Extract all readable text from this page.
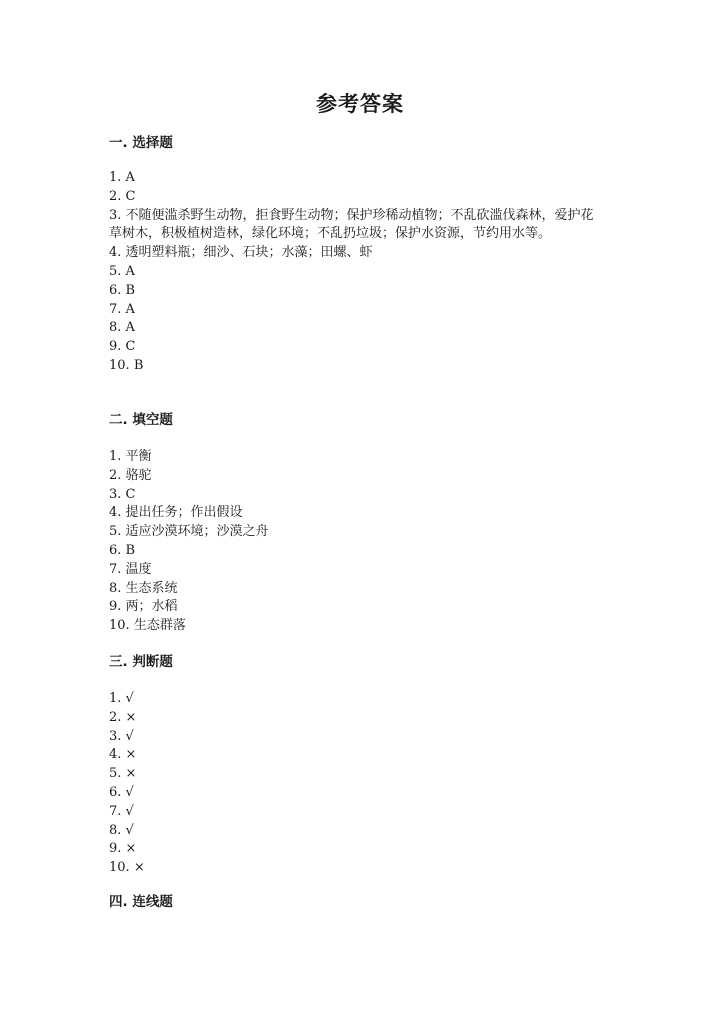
参考答案
一. 选择题
1. A
2. C
3. 不随便滥杀野生动物，拒食野生动物；保护珍稀动植物；不乱砍滥伐森林，爱护花草树木，积极植树造林，绿化环境；不乱扔垃圾；保护水资源，节约用水等。
4. 透明塑料瓶；细沙、石块；水藻；田螺、虾
5. A
6. B
7. A
8. A
9. C
10. B
二. 填空题
1. 平衡
2. 骆驼
3. C
4. 提出任务；作出假设
5. 适应沙漠环境；沙漠之舟
6. B
7. 温度
8. 生态系统
9. 两；水稻
10. 生态群落
三. 判断题
1. √
2. ×
3. √
4. ×
5. ×
6. √
7. √
8. √
9. ×
10. ×
四. 连线题
